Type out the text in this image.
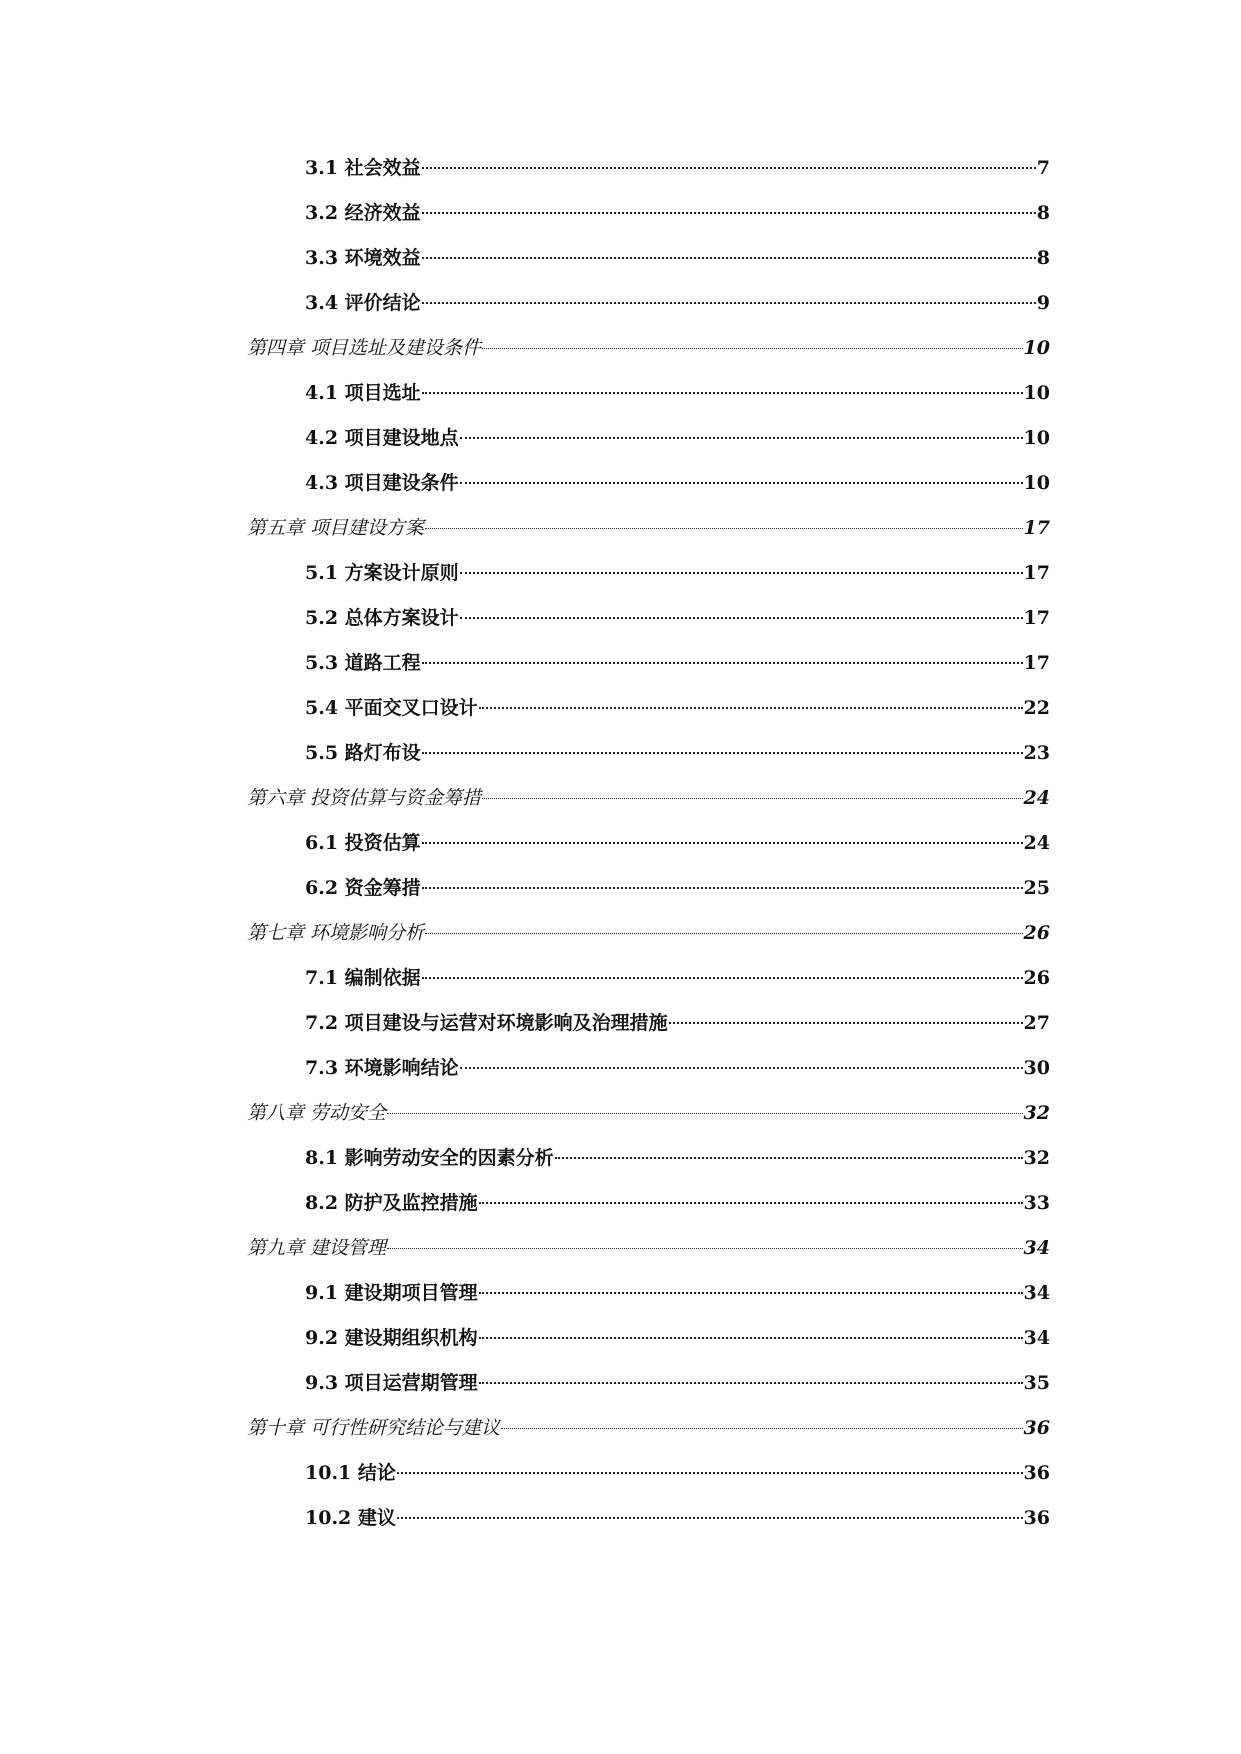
3.1 社会效益	7
3.2 经济效益	8
3.3 环境效益	8
3.4 评价结论	9
第四章 项目选址及建设条件	10
4.1 项目选址	10
4.2 项目建设地点	10
4.3 项目建设条件	10
第五章 项目建设方案	17
5.1 方案设计原则	17
5.2 总体方案设计	17
5.3 道路工程	17
5.4 平面交叉口设计	22
5.5 路灯布设	23
第六章 投资估算与资金筹措	24
6.1 投资估算	24
6.2 资金筹措	25
第七章 环境影响分析	26
7.1 编制依据	26
7.2 项目建设与运营对环境影响及治理措施	27
7.3 环境影响结论	30
第八章 劳动安全	32
8.1 影响劳动安全的因素分析	32
8.2 防护及监控措施	33
第九章 建设管理	34
9.1 建设期项目管理	34
9.2 建设期组织机构	34
9.3 项目运营期管理	35
第十章 可行性研究结论与建议	36
10.1 结论	36
10.2 建议	36
